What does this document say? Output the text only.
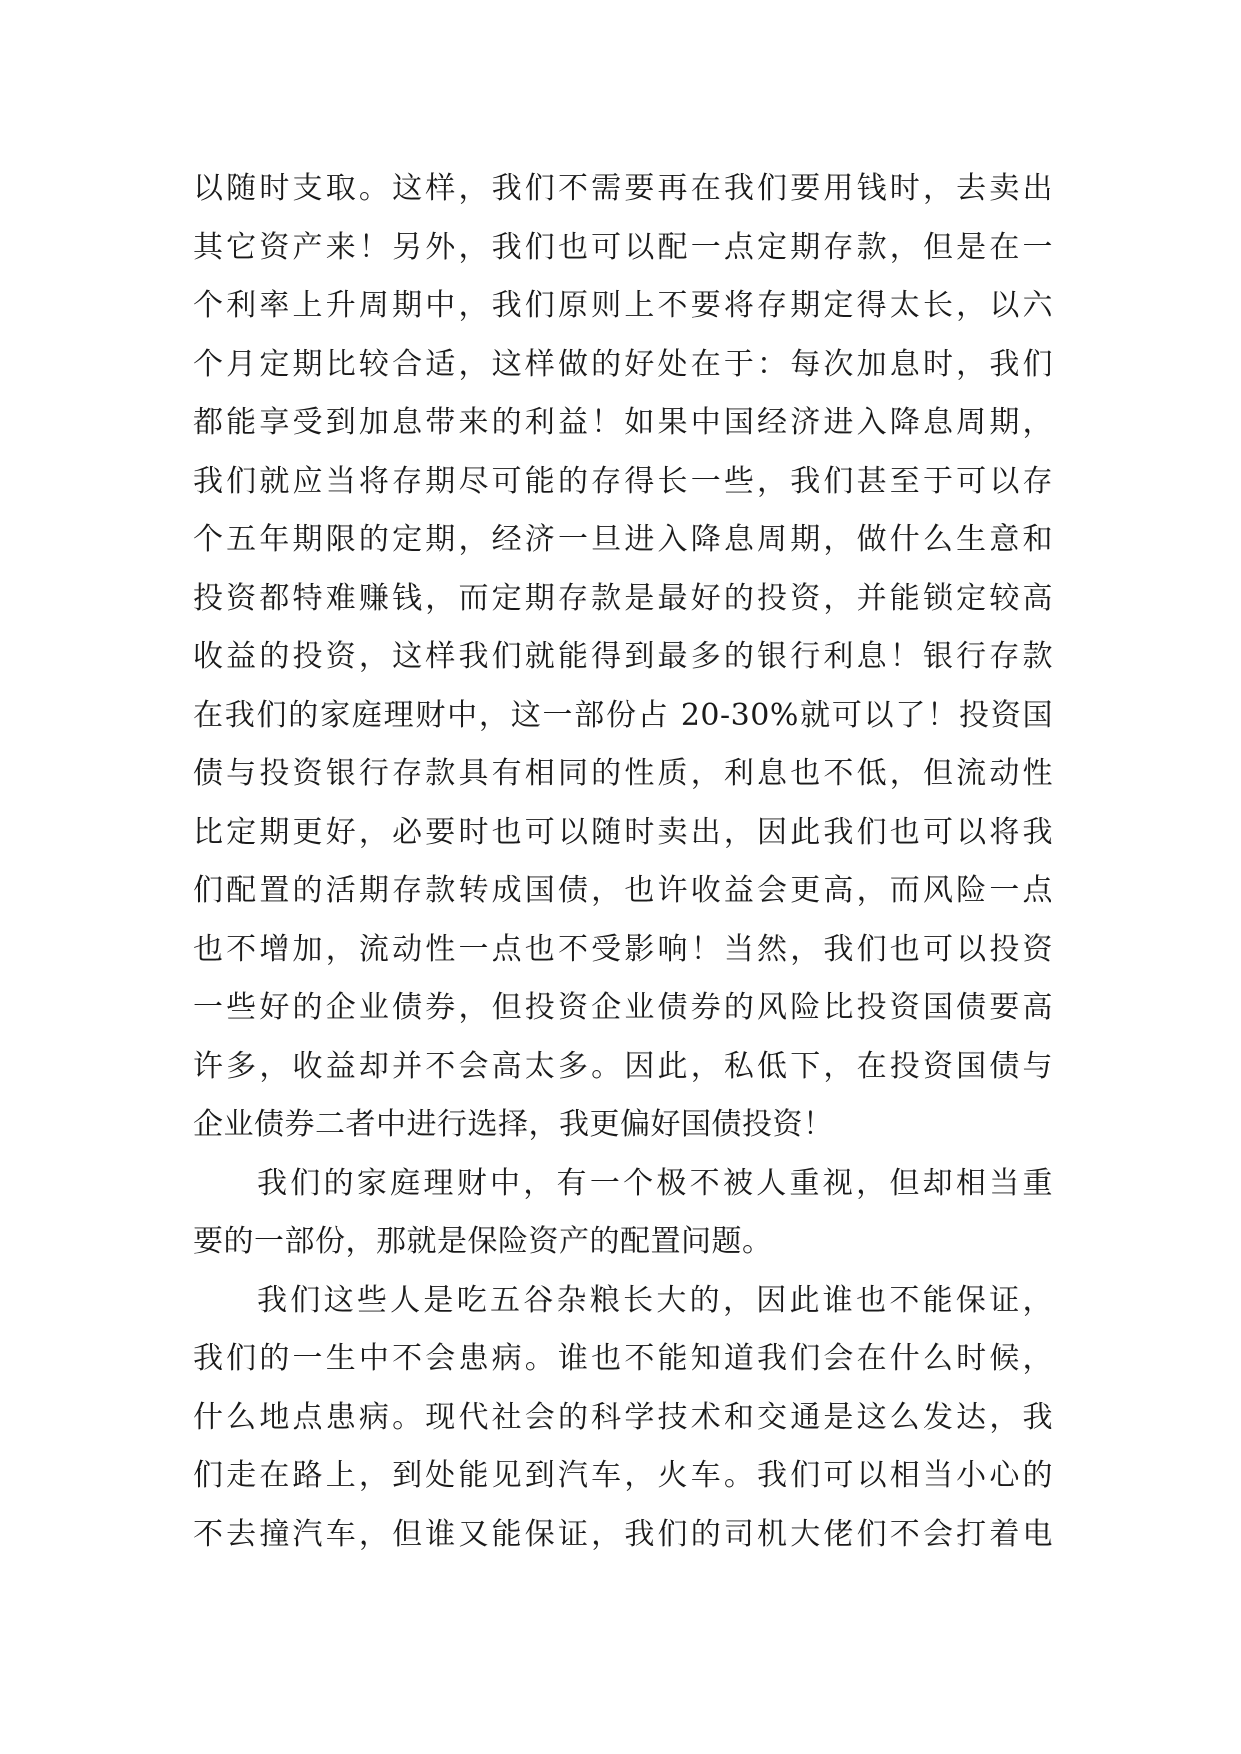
以随时支取。这样，我们不需要再在我们要用钱时，去卖出
其它资产来！另外，我们也可以配一点定期存款，但是在一
个利率上升周期中，我们原则上不要将存期定得太长，以六
个月定期比较合适，这样做的好处在于：每次加息时，我们
都能享受到加息带来的利益！如果中国经济进入降息周期，
我们就应当将存期尽可能的存得长一些，我们甚至于可以存
个五年期限的定期，经济一旦进入降息周期，做什么生意和
投资都特难赚钱，而定期存款是最好的投资，并能锁定较高
收益的投资，这样我们就能得到最多的银行利息！银行存款
在我们的家庭理财中，这一部份占 20-30%就可以了！投资国
债与投资银行存款具有相同的性质，利息也不低，但流动性
比定期更好，必要时也可以随时卖出，因此我们也可以将我
们配置的活期存款转成国债，也许收益会更高，而风险一点
也不增加，流动性一点也不受影响！当然，我们也可以投资
一些好的企业债券，但投资企业债券的风险比投资国债要高
许多，收益却并不会高太多。因此，私低下，在投资国债与
企业债券二者中进行选择，我更偏好国债投资！
我们的家庭理财中，有一个极不被人重视，但却相当重
要的一部份，那就是保险资产的配置问题。
我们这些人是吃五谷杂粮长大的，因此谁也不能保证，
我们的一生中不会患病。谁也不能知道我们会在什么时候，
什么地点患病。现代社会的科学技术和交通是这么发达，我
们走在路上，到处能见到汽车，火车。我们可以相当小心的
不去撞汽车，但谁又能保证，我们的司机大佬们不会打着电
